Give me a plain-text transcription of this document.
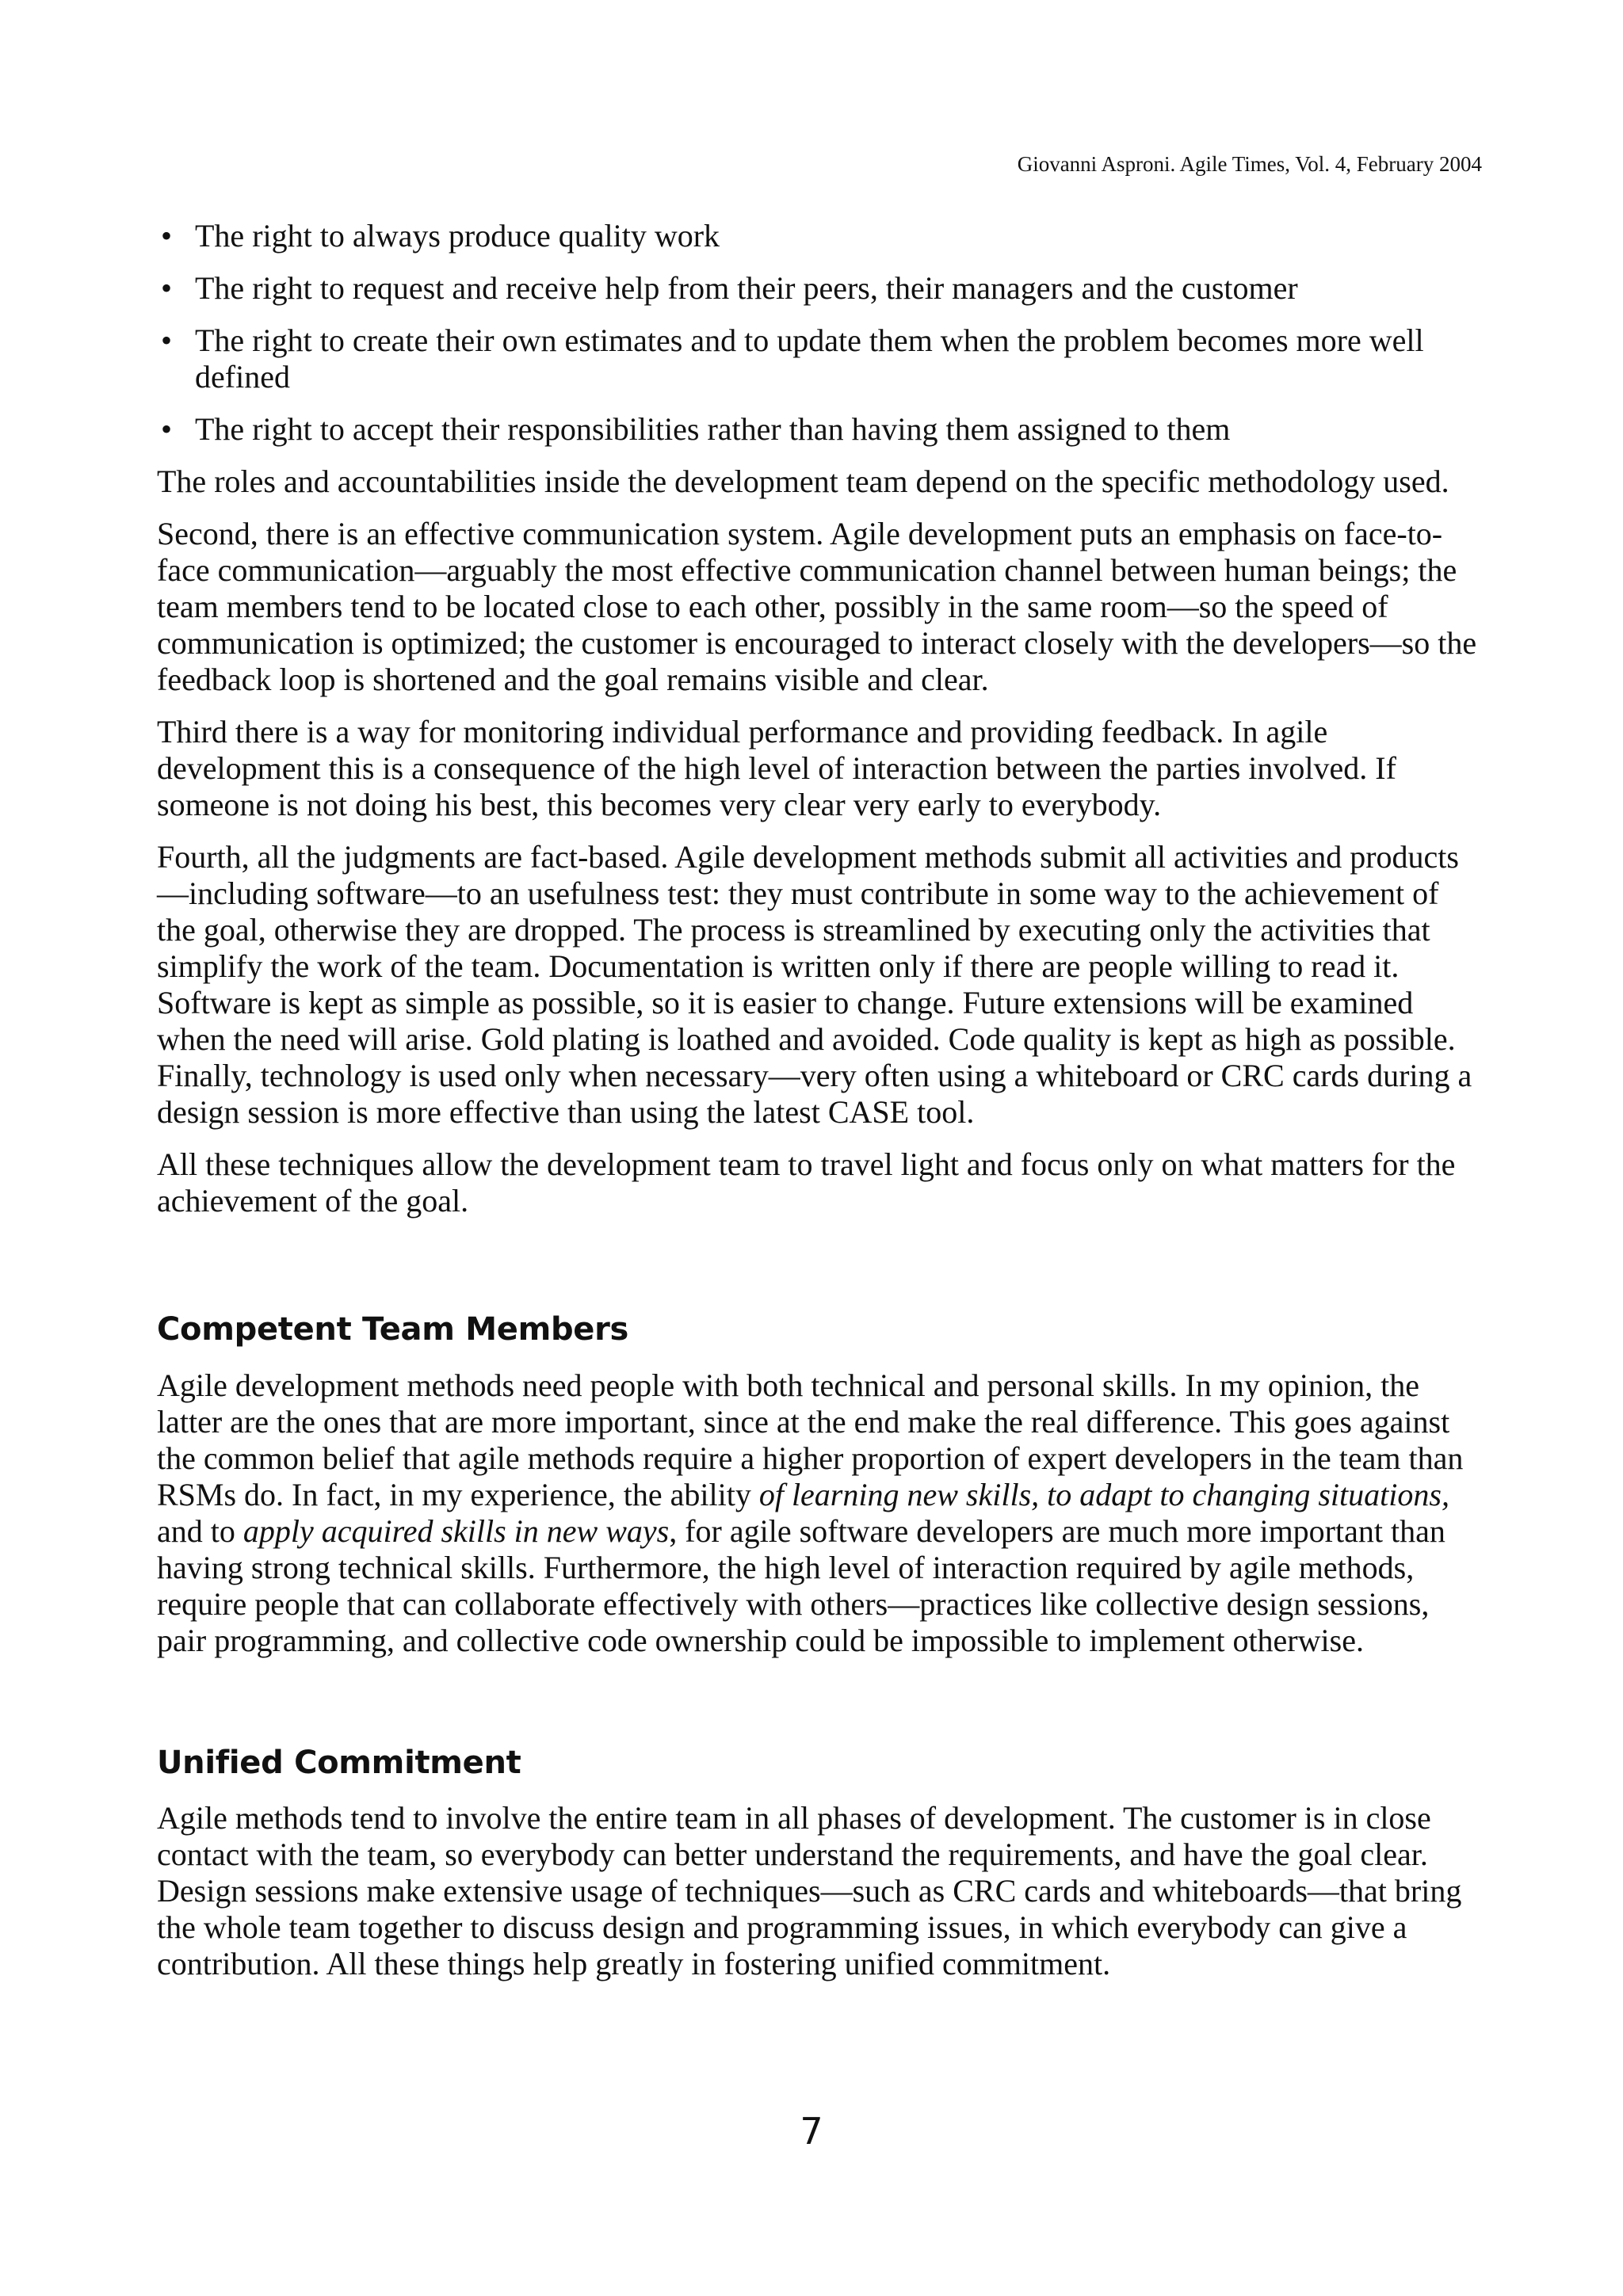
Giovanni Asproni. Agile Times, Vol. 4, February 2004
• The right to always produce quality work
• The right to request and receive help from their peers, their managers and the customer
• The right to create their own estimates and to update them when the problem becomes more well defined
• The right to accept their responsibilities rather than having them assigned to them

The roles and accountabilities inside the development team depend on the specific methodology used.

Second, there is an effective communication system. Agile development puts an emphasis on face-to-face communication—arguably the most effective communication channel between human beings; the team members tend to be located close to each other, possibly in the same room—so the speed of communication is optimized; the customer is encouraged to interact closely with the developers—so the feedback loop is shortened and the goal remains visible and clear.

Third there is a way for monitoring individual performance and providing feedback. In agile development this is a consequence of the high level of interaction between the parties involved. If someone is not doing his best, this becomes very clear very early to everybody.

Fourth, all the judgments are fact-based. Agile development methods submit all activities and products—including software—to an usefulness test: they must contribute in some way to the achievement of the goal, otherwise they are dropped. The process is streamlined by executing only the activities that simplify the work of the team. Documentation is written only if there are people willing to read it. Software is kept as simple as possible, so it is easier to change. Future extensions will be examined when the need will arise. Gold plating is loathed and avoided. Code quality is kept as high as possible. Finally, technology is used only when necessary—very often using a whiteboard or CRC cards during a design session is more effective than using the latest CASE tool.

All these techniques allow the development team to travel light and focus only on what matters for the achievement of the goal.

Competent Team Members

Agile development methods need people with both technical and personal skills. In my opinion, the latter are the ones that are more important, since at the end make the real difference. This goes against the common belief that agile methods require a higher proportion of expert developers in the team than RSMs do. In fact, in my experience, the ability of learning new skills, to adapt to changing situations, and to apply acquired skills in new ways, for agile software developers are much more important than having strong technical skills. Furthermore, the high level of interaction required by agile methods, require people that can collaborate effectively with others—practices like collective design sessions, pair programming, and collective code ownership could be impossible to implement otherwise.

Unified Commitment

Agile methods tend to involve the entire team in all phases of development. The customer is in close contact with the team, so everybody can better understand the requirements, and have the goal clear. Design sessions make extensive usage of techniques—such as CRC cards and whiteboards—that bring the whole team together to discuss design and programming issues, in which everybody can give a contribution. All these things help greatly in fostering unified commitment.

7
